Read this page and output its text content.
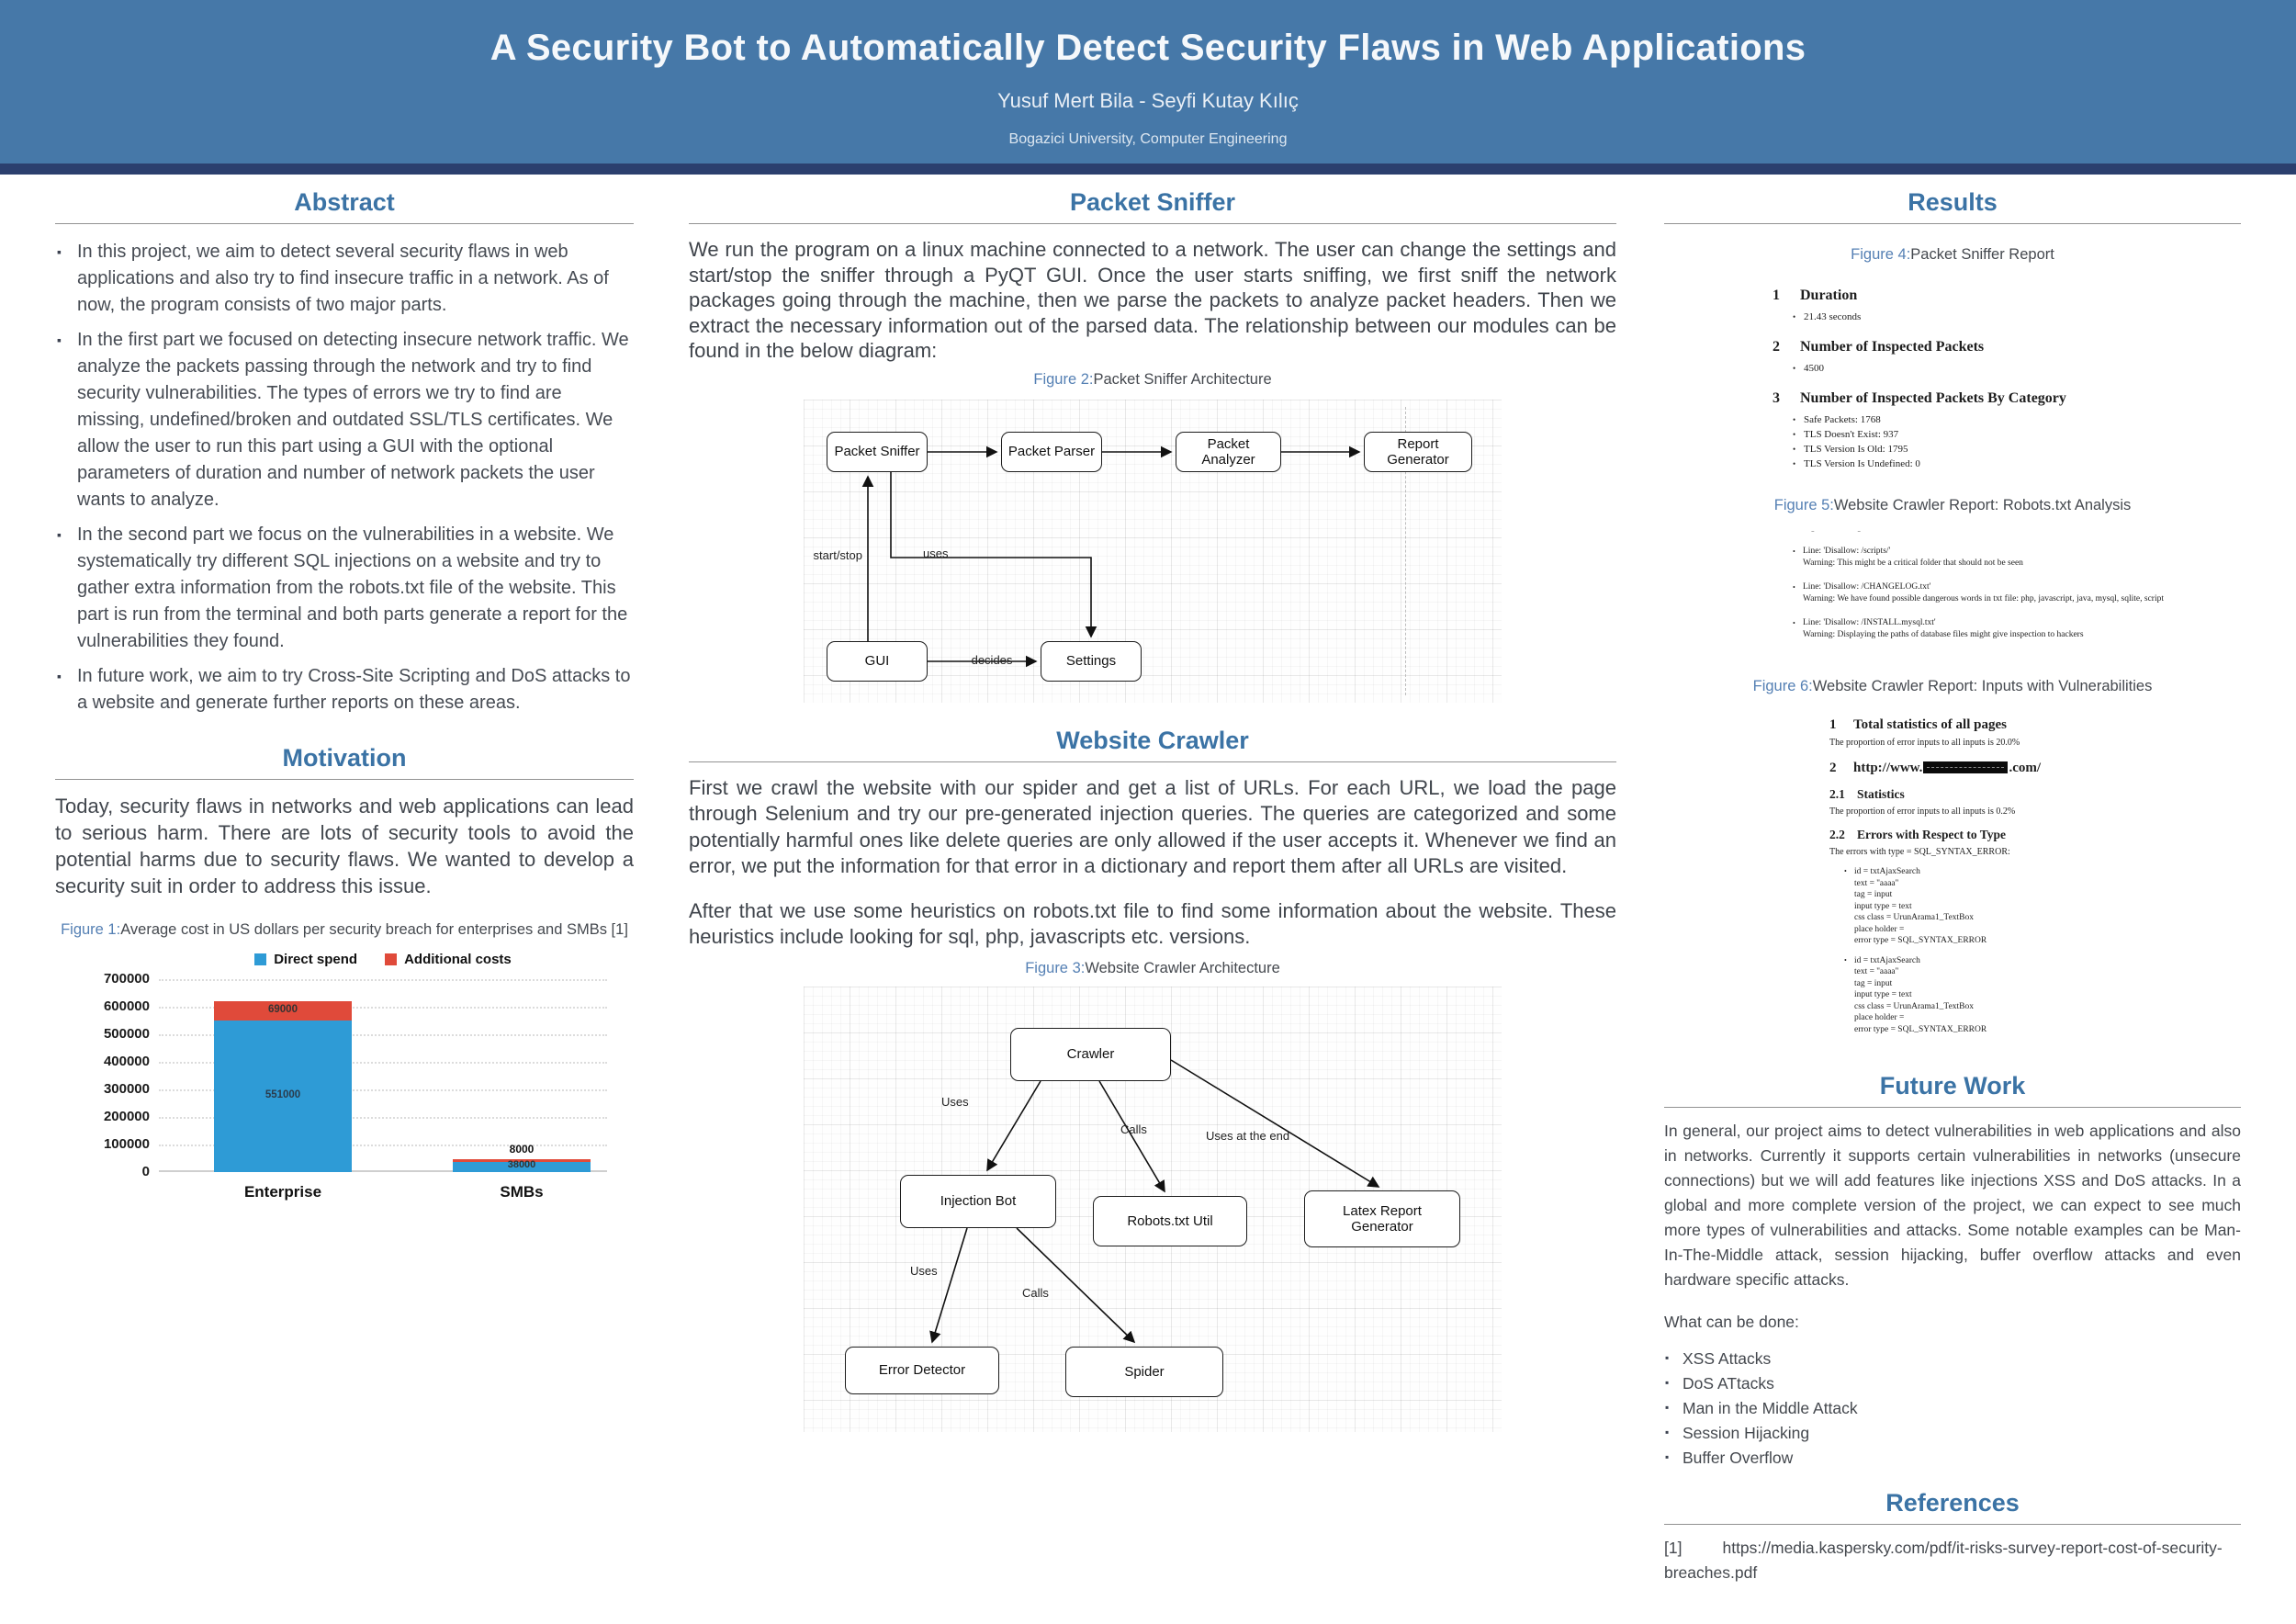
A Security Bot to Automatically Detect Security Flaws in Web Applications
Yusuf Mert Bila - Seyfi Kutay Kılıç
Bogazici University, Computer Engineering
Abstract
▪ In this project, we aim to detect several security flaws in web applications and also try to find insecure traffic in a network. As of now, the program consists of two major parts.
▪ In the first part we focused on detecting insecure network traffic. We analyze the packets passing through the network and try to find security vulnerabilities. The types of errors we try to find are missing, undefined/broken and outdated SSL/TLS certificates. We allow the user to run this part using a GUI with the optional parameters of duration and number of network packets the user wants to analyze.
▪ In the second part we focus on the vulnerabilities in a website. We systematically try different SQL injections on a website and try to gather extra information from the robots.txt file of the website. This part is run from the terminal and both parts generate a report for the vulnerabilities they found.
▪ In future work, we aim to try Cross-Site Scripting and DoS attacks to a website and generate further reports on these areas.
Motivation

Today, security flaws in networks and web applications can lead to serious harm. There are lots of security tools to avoid the potential harms due to security flaws. We wanted to develop a security suit in order to address this issue.

Figure 1:Average cost in US dollars per security breach for enterprises and SMBs [1]
Direct spend	Additional costs
700000
600000
500000
400000
300000
200000
100000
0
69000
551000
8000
38000
Enterprise	SMBs
Packet Sniffer

We run the program on a linux machine connected to a network. The user can change the settings and start/stop the sniffer through a PyQT GUI. Once the user starts sniffing, we first sniff the network packages going through the machine, then we parse the packets to analyze packet headers. Then we extract the necessary information out of the parsed data. The relationship between our modules can be found in the below diagram:

Figure 2:Packet Sniffer Architecture
Packet Sniffer	Packet Parser	Packet Analyzer
Report Generator
GUI	Settings
start/stop	uses
decides
Website Crawler

First we crawl the website with our spider and get a list of URLs. For each URL, we load the page through Selenium and try our pre-generated injection queries. The queries are categorized and some potentially harmful ones like delete queries are only allowed if the user accepts it. Whenever we find an error, we put the information for that error in a dictionary and report them after all URLs are visited.

After that we use some heuristics on robots.txt file to find some information about the website. These heuristics include looking for sql, php, javascripts etc. versions.

Figure 3:Website Crawler Architecture
Crawler
Injection Bot
Robots.txt Util
Latex Report Generator
Error Detector	Spider
Uses
Calls	Uses at the end
Uses
Calls
Results
Figure 4:Packet Sniffer Report
1 Duration
• 21.43 seconds
2 Number of Inspected Packets
• 4500
3 Number of Inspected Packets By Category
• Safe Packets: 1768
• TLS Doesn't Exist: 937
• TLS Version Is Old: 1795
• TLS Version Is Undefined: 0
Figure 5:Website Crawler Report: Robots.txt Analysis
- -
• Line: 'Disallow: /scripts/'
Warning: This might be a critical folder that should not be seen
• Line: 'Disallow: /CHANGELOG.txt'
Warning: We have found possible dangerous words in txt file: php, javascript, java, mysql, sqlite, script
• Line: 'Disallow: /INSTALL.mysql.txt'
Warning: Displaying the paths of database files might give inspection to hackers
Figure 6:Website Crawler Report: Inputs with Vulnerabilities
1 Total statistics of all pages
The proportion of error inputs to all inputs is 20.0%
2 http://www.	.com/
2.1 Statistics
The proportion of error inputs to all inputs is 0.2%
2.2 Errors with Respect to Type
The errors with type = SQL_SYNTAX_ERROR:
• id = txtAjaxSearch
text = ''aaaa''
tag = input
input type = text
css class = UrunArama1_TextBox
place holder =
error type = SQL_SYNTAX_ERROR
• id = txtAjaxSearch
text = ''aaaa''
tag = input
input type = text
css class = UrunArama1_TextBox
place holder =
error type = SQL_SYNTAX_ERROR
Future Work

In general, our project aims to detect vulnerabilities in web applications and also in networks. Currently it supports certain vulnerabilities in networks (unsecure connections) but we will add features like injections XSS and DoS attacks. In a global and more complete version of the project, we can expect to see much more types of vulnerabilities and attacks. Some notable examples can be Man-In-The-Middle attack, session hijacking, buffer overflow attacks and even hardware specific attacks.

What can be done:
▪ XSS Attacks
▪ DoS ATtacks
▪ Man in the Middle Attack
▪ Session Hijacking
▪ Buffer Overflow
References
[1]	https://media.kaspersky.com/pdf/it-risks-survey-report-cost-of-security-breaches.pdf
